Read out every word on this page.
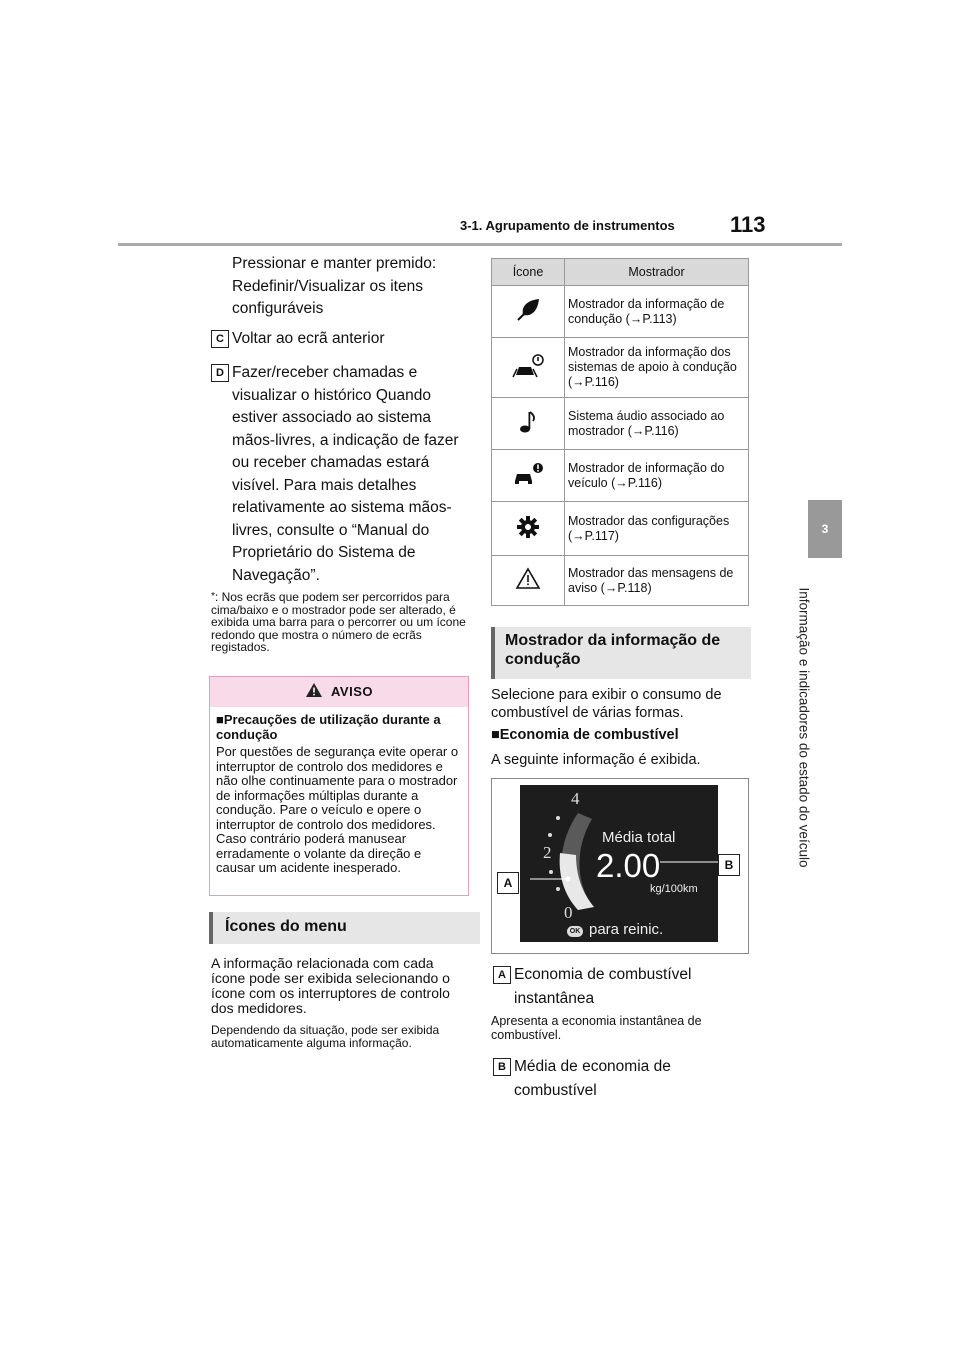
3-1. Agrupamento de instrumentos	113
3
Informação e indicadores do estado do veículo
Pressionar e manter premido: Redefinir/Visualizar os itens configuráveis
C Voltar ao ecrã anterior
D Fazer/receber chamadas e visualizar o histórico Quando estiver associado ao sistema mãos-livres, a indicação de fazer ou receber chamadas estará visível. Para mais detalhes relativamente ao sistema mãos-livres, consulte o “Manual do Proprietário do Sistema de Navegação”.
*: Nos ecrãs que podem ser percorridos para cima/baixo e o mostrador pode ser alterado, é exibida uma barra para o percorrer ou um ícone redondo que mostra o número de ecrãs registados.
AVISO
■Precauções de utilização durante a condução
Por questões de segurança evite operar o interruptor de controlo dos medidores e não olhe continuamente para o mostrador de informações múltiplas durante a condução. Pare o veículo e opere o interruptor de controlo dos medidores. Caso contrário poderá manusear erradamente o volante da direção e causar um acidente inesperado.
Ícones do menu
A informação relacionada com cada ícone pode ser exibida selecionando o ícone com os interruptores de controlo dos medidores.
Dependendo da situação, pode ser exibida automaticamente alguma informação.
Ícone	Mostrador
	Mostrador da informação de condução (→P.113)
	Mostrador da informação dos sistemas de apoio à condução (→P.116)
	Sistema áudio associado ao mostrador (→P.116)
	Mostrador de informação do veículo (→P.116)
	Mostrador das configurações (→P.117)
	Mostrador das mensagens de aviso (→P.118)
Mostrador da informação de condução
Selecione para exibir o consumo de combustível de várias formas.
■Economia de combustível
A seguinte informação é exibida.
4
2
0
Média total
2.00
kg/100km
OK para reinic.
A
B
A Economia de combustível instantânea
Apresenta a economia instantânea de combustível.
B Média de economia de combustível
